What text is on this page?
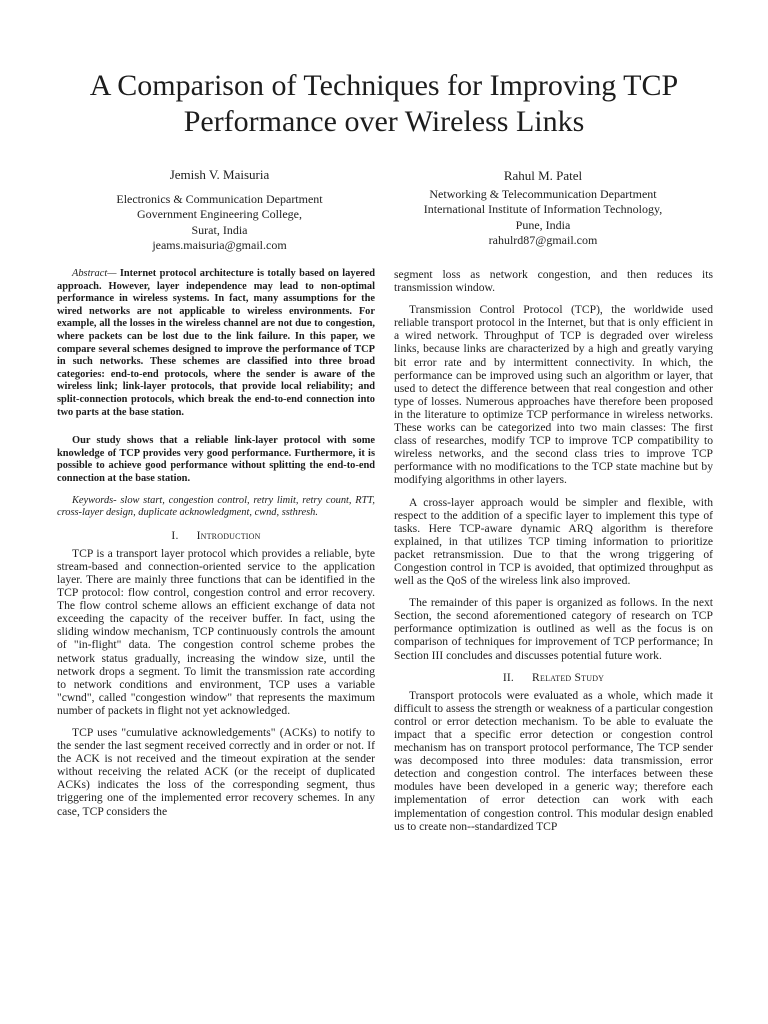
A Comparison of Techniques for Improving TCP
Performance over Wireless Links
Jemish V. Maisuria
Electronics & Communication Department
Government Engineering College,
Surat, India
jeams.maisuria@gmail.com
Rahul M. Patel
Networking & Telecommunication Department
International Institute of Information Technology,
Pune, India
rahulrd87@gmail.com

Abstract— Internet protocol architecture is totally based on layered approach. However, layer independence may lead to non-optimal performance in wireless systems. In fact, many assumptions for the wired networks are not applicable to wireless environments. For example, all the losses in the wireless channel are not due to congestion, where packets can be lost due to the link failure. In this paper, we compare several schemes designed to improve the performance of TCP in such networks. These schemes are classified into three broad categories: end-to-end protocols, where the sender is aware of the wireless link; link-layer protocols, that provide local reliability; and split-connection protocols, which break the end-to-end connection into two parts at the base station.

Our study shows that a reliable link-layer protocol with some knowledge of TCP provides very good performance. Furthermore, it is possible to achieve good performance without splitting the end-to-end connection at the base station.

Keywords- slow start, congestion control, retry limit, retry count, RTT, cross-layer design, duplicate acknowledgment, cwnd, ssthresh.

I. Introduction

TCP is a transport layer protocol which provides a reliable, byte stream-based and connection-oriented service to the application layer. There are mainly three functions that can be identified in the TCP protocol: flow control, congestion control and error recovery. The flow control scheme allows an efficient exchange of data not exceeding the capacity of the receiver buffer. In fact, using the sliding window mechanism, TCP continuously controls the amount of "in-flight" data. The congestion control scheme probes the network status gradually, increasing the window size, until the network drops a segment. To limit the transmission rate according to network conditions and environment, TCP uses a variable "cwnd", called "congestion window" that represents the maximum number of packets in flight not yet acknowledged.

TCP uses "cumulative acknowledgements" (ACKs) to notify to the sender the last segment received correctly and in order or not. If the ACK is not received and the timeout expiration at the sender without receiving the related ACK (or the receipt of duplicated ACKs) indicates the loss of the corresponding segment, thus triggering one of the implemented error recovery schemes. In any case, TCP considers the

segment loss as network congestion, and then reduces its transmission window.

Transmission Control Protocol (TCP), the worldwide used reliable transport protocol in the Internet, but that is only efficient in a wired network. Throughput of TCP is degraded over wireless links, because links are characterized by a high and greatly varying bit error rate and by intermittent connectivity. In which, the performance can be improved using such an algorithm or layer, that used to detect the difference between that real congestion and other type of losses. Numerous approaches have therefore been proposed in the literature to optimize TCP performance in wireless networks. These works can be categorized into two main classes: The first class of researches, modify TCP to improve TCP compatibility to wireless networks, and the second class tries to improve TCP performance with no modifications to the TCP state machine but by modifying algorithms in other layers.

A cross-layer approach would be simpler and flexible, with respect to the addition of a specific layer to implement this type of tasks. Here TCP-aware dynamic ARQ algorithm is therefore explained, in that utilizes TCP timing information to prioritize packet retransmission. Due to that the wrong triggering of Congestion control in TCP is avoided, that optimized throughput as well as the QoS of the wireless link also improved.

The remainder of this paper is organized as follows. In the next Section, the second aforementioned category of research on TCP performance optimization is outlined as well as the focus is on comparison of techniques for improvement of TCP performance; In Section III concludes and discusses potential future work.

II. Related Study

Transport protocols were evaluated as a whole, which made it difficult to assess the strength or weakness of a particular congestion control or error detection mechanism. To be able to evaluate the impact that a specific error detection or congestion control mechanism has on transport protocol performance, The TCP sender was decomposed into three modules: data transmission, error detection and congestion control. The interfaces between these modules have been developed in a generic way; therefore each implementation of error detection can work with each implementation of congestion control. This modular design enabled us to create non--standardized TCP
